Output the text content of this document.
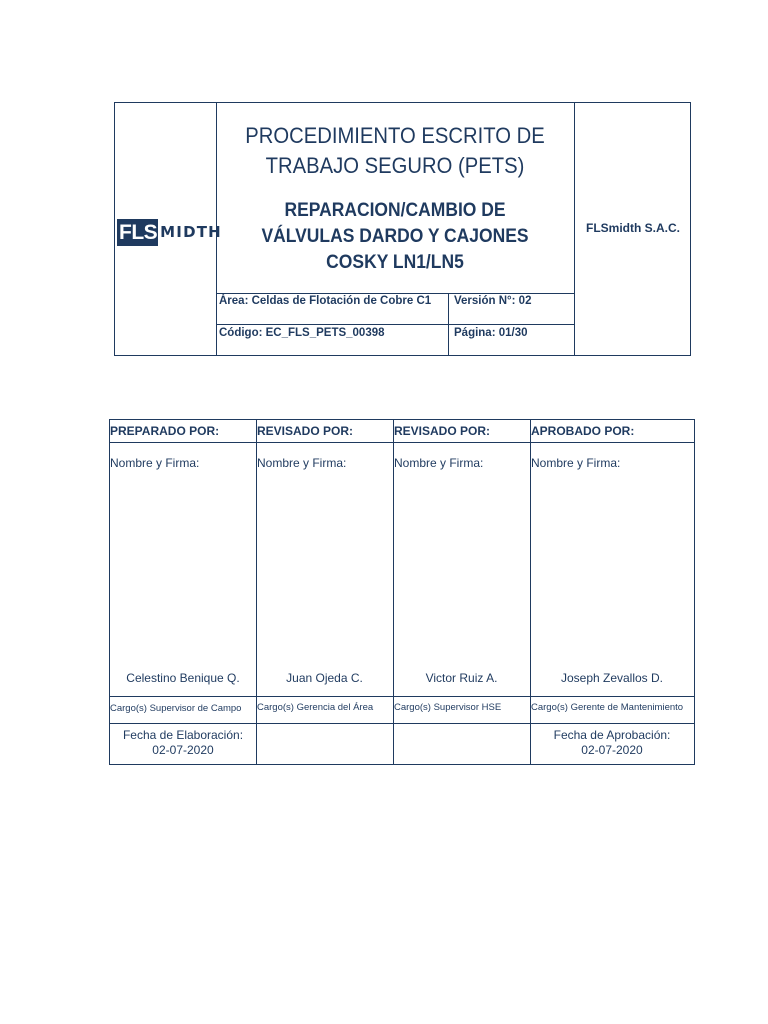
FLS MIDTH
PROCEDIMIENTO ESCRITO DE
TRABAJO SEGURO (PETS)
REPARACION/CAMBIO DE
VÁLVULAS DARDO Y CAJONES
COSKY LN1/LN5
FLSmidth S.A.C.
Área: Celdas de Flotación de Cobre C1 Versión N°: 02
Código: EC_FLS_PETS_00398	Página: 01/30
PREPARADO POR:
Nombre y Firma:
Celestino Benique Q.
Cargo(s) Supervisor de Campo
Fecha de Elaboración:
02-07-2020
REVISADO POR:
Nombre y Firma:
Juan Ojeda C.
Cargo(s) Gerencia del Área
REVISADO POR:
Nombre y Firma:
Victor Ruiz A.
Cargo(s) Supervisor HSE
APROBADO POR:
Nombre y Firma:
Joseph Zevallos D.
Cargo(s) Gerente de Mantenimiento
Fecha de Aprobación:
02-07-2020
